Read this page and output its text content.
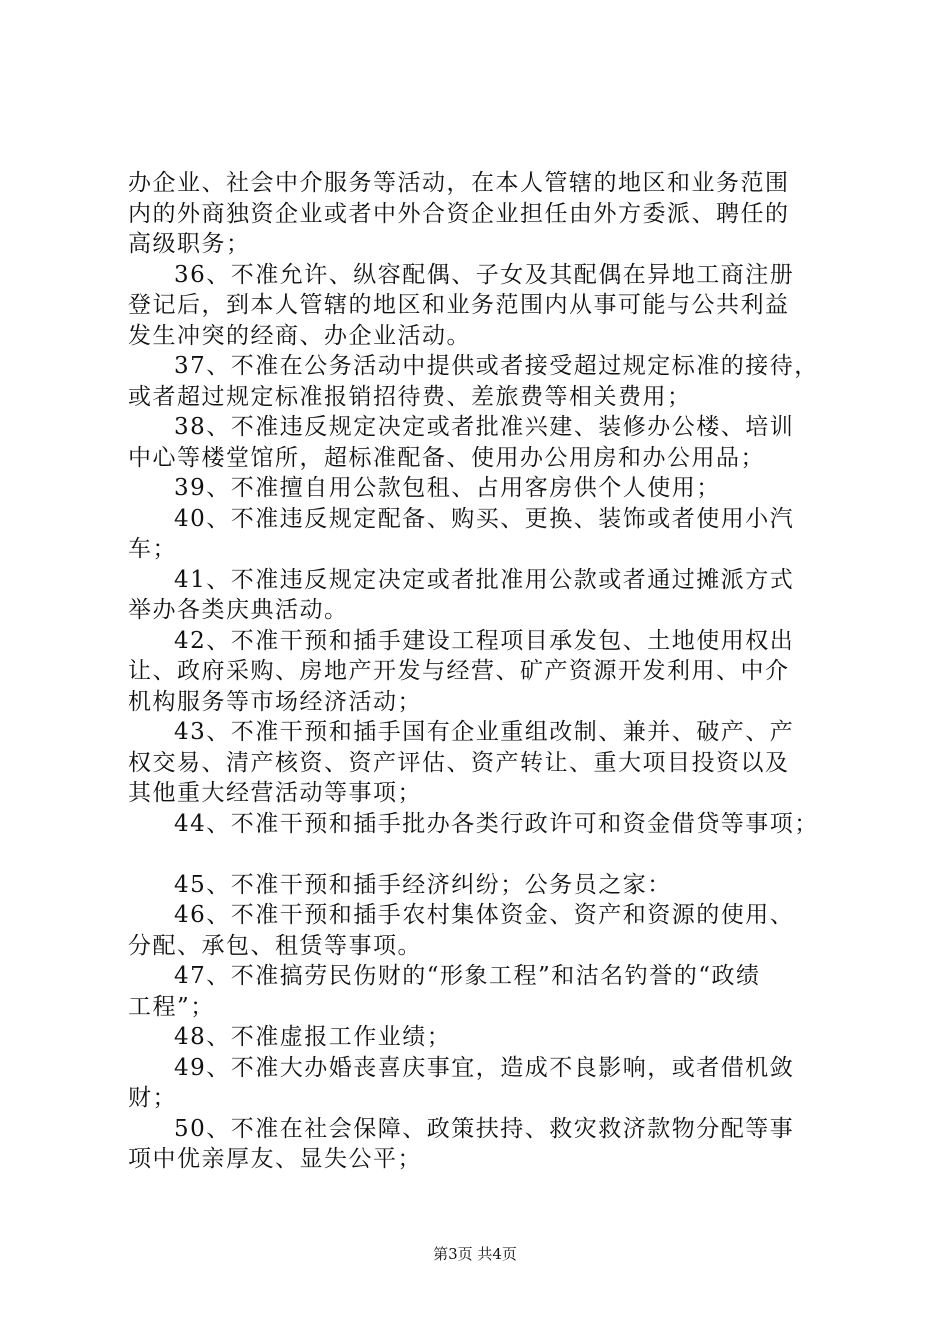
办企业、社会中介服务等活动，在本人管辖的地区和业务范围
内的外商独资企业或者中外合资企业担任由外方委派、聘任的
高级职务；
36、不准允许、纵容配偶、子女及其配偶在异地工商注册
登记后，到本人管辖的地区和业务范围内从事可能与公共利益
发生冲突的经商、办企业活动。
37、不准在公务活动中提供或者接受超过规定标准的接待，
或者超过规定标准报销招待费、差旅费等相关费用；
38、不准违反规定决定或者批准兴建、装修办公楼、培训
中心等楼堂馆所，超标准配备、使用办公用房和办公用品；
39、不准擅自用公款包租、占用客房供个人使用；
40、不准违反规定配备、购买、更换、装饰或者使用小汽
车；
41、不准违反规定决定或者批准用公款或者通过摊派方式
举办各类庆典活动。
42、不准干预和插手建设工程项目承发包、土地使用权出
让、政府采购、房地产开发与经营、矿产资源开发利用、中介
机构服务等市场经济活动；
43、不准干预和插手国有企业重组改制、兼并、破产、产
权交易、清产核资、资产评估、资产转让、重大项目投资以及
其他重大经营活动等事项；
44、不准干预和插手批办各类行政许可和资金借贷等事项；
45、不准干预和插手经济纠纷；公务员之家：
46、不准干预和插手农村集体资金、资产和资源的使用、
分配、承包、租赁等事项。
47、不准搞劳民伤财的“形象工程”和沽名钓誉的“政绩
工程”；
48、不准虚报工作业绩；
49、不准大办婚丧喜庆事宜，造成不良影响，或者借机敛
财；
50、不准在社会保障、政策扶持、救灾救济款物分配等事
项中优亲厚友、显失公平；
第3页 共4页
